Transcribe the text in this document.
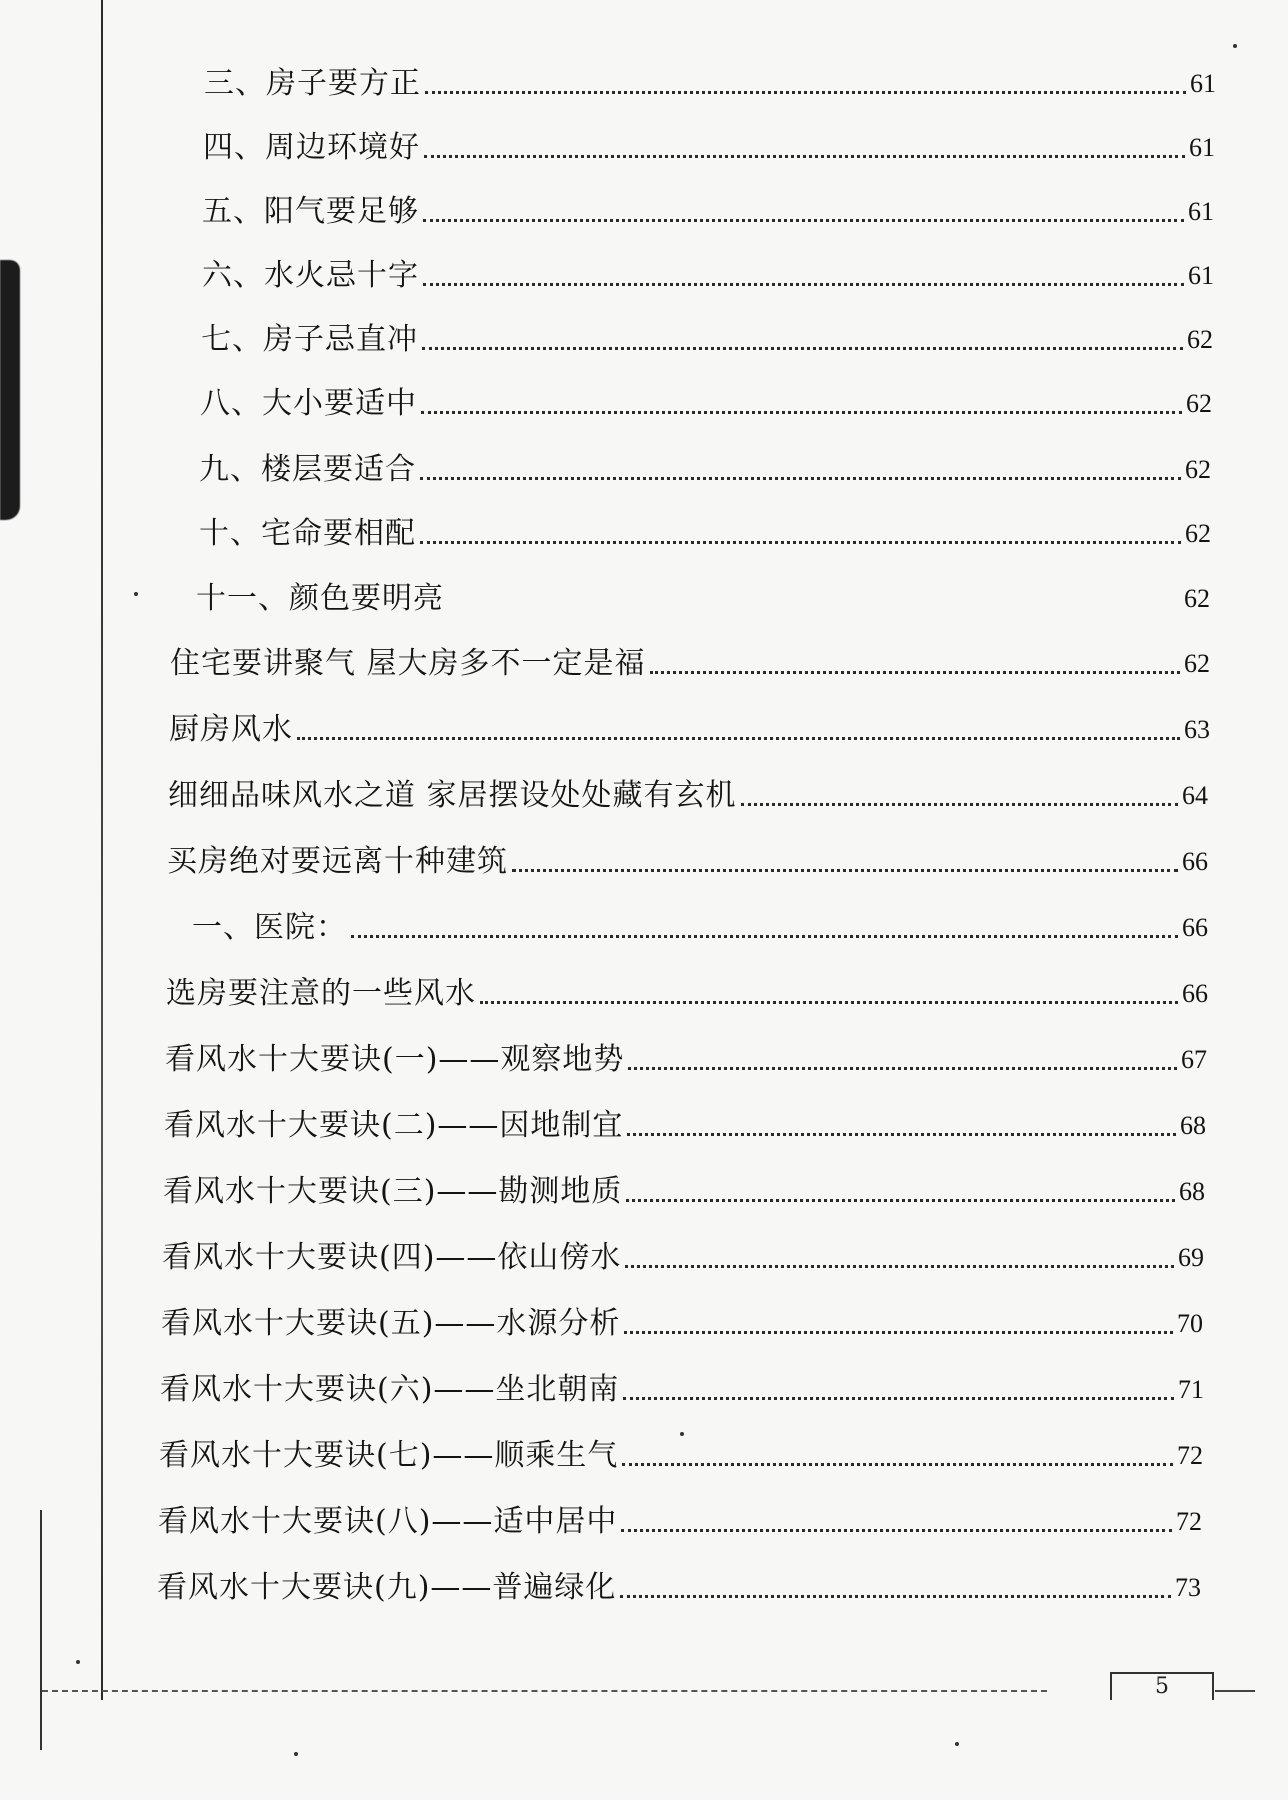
三、房子要方正	61
四、周边环境好	61
五、阳气要足够	61
六、水火忌十字	61
七、房子忌直冲	62
八、大小要适中	62
九、楼层要适合	62
十、宅命要相配	62
十一、颜色要明亮	62
住宅要讲聚气 屋大房多不一定是福	62
厨房风水	63
细细品味风水之道 家居摆设处处藏有玄机	64
买房绝对要远离十种建筑	66
一、医院：	66
选房要注意的一些风水	66
看风水十大要诀(一)——观察地势	67
看风水十大要诀(二)——因地制宜	68
看风水十大要诀(三)——勘测地质	68
看风水十大要诀(四)——依山傍水	69
看风水十大要诀(五)——水源分析	70
看风水十大要诀(六)——坐北朝南	71
看风水十大要诀(七)——顺乘生气	72
看风水十大要诀(八)——适中居中	72
看风水十大要诀(九)——普遍绿化	73
5
